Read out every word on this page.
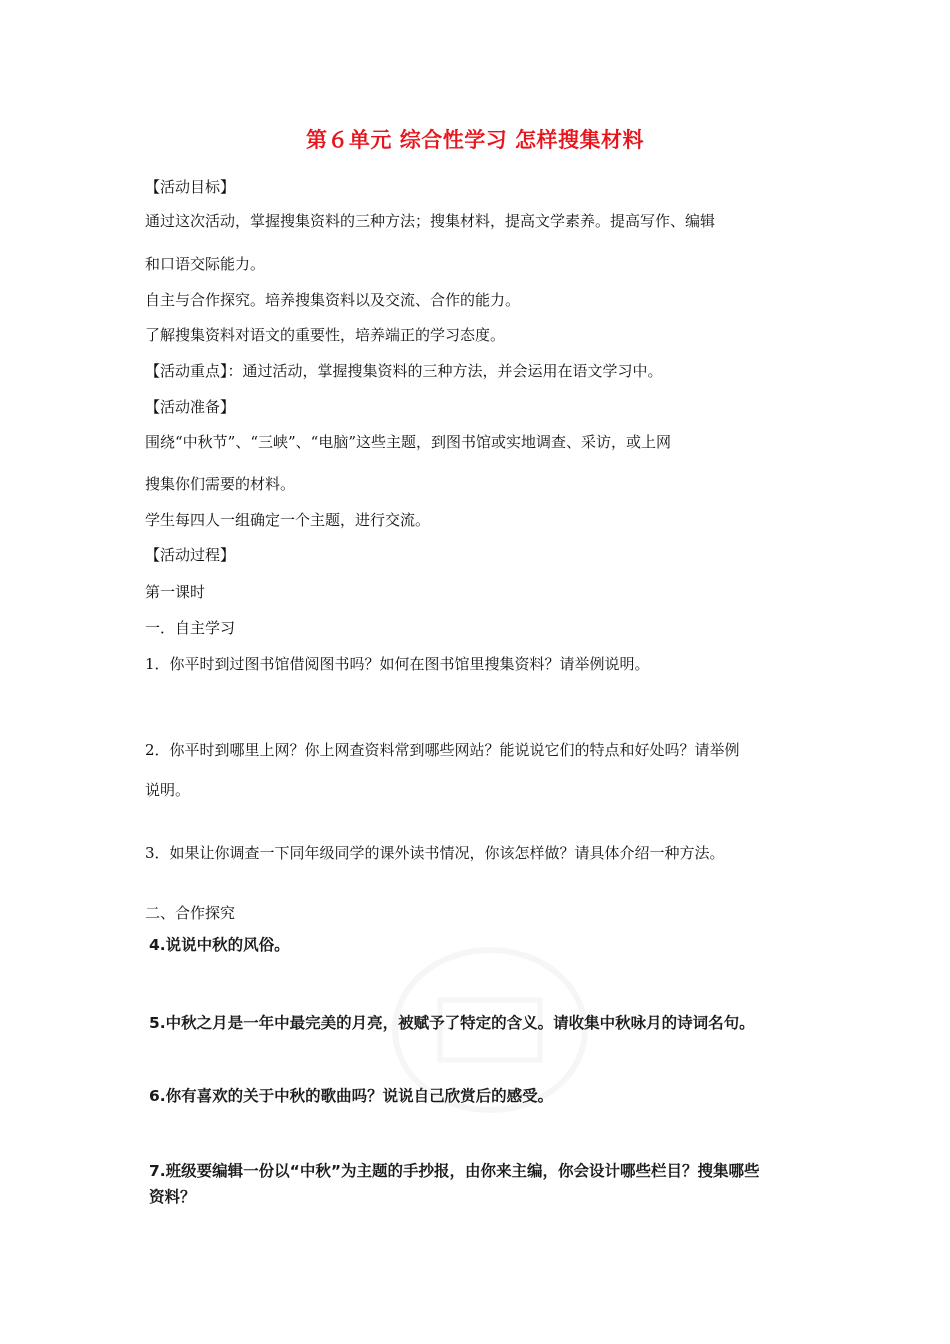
第６单元 综合性学习 怎样搜集材料
【活动目标】
通过这次活动，掌握搜集资料的三种方法；搜集材料，提高文学素养。提高写作、编辑
和口语交际能力。
自主与合作探究。培养搜集资料以及交流、合作的能力。
了解搜集资料对语文的重要性，培养端正的学习态度。
【活动重点】：通过活动，掌握搜集资料的三种方法，并会运用在语文学习中。
【活动准备】
围绕“中秋节”、“三峡”、“电脑”这些主题，到图书馆或实地调查、采访，或上网
搜集你们需要的材料。
学生每四人一组确定一个主题，进行交流。
【活动过程】
第一课时
一．自主学习
1．你平时到过图书馆借阅图书吗？如何在图书馆里搜集资料？请举例说明。
2．你平时到哪里上网？你上网查资料常到哪些网站？能说说它们的特点和好处吗？请举例
说明。
3．如果让你调查一下同年级同学的课外读书情况，你该怎样做？请具体介绍一种方法。
二、合作探究
4.说说中秋的风俗。
5.中秋之月是一年中最完美的月亮，被赋予了特定的含义。请收集中秋咏月的诗词名句。
6.你有喜欢的关于中秋的歌曲吗？说说自己欣赏后的感受。
7.班级要编辑一份以“中秋”为主题的手抄报，由你来主编，你会设计哪些栏目？搜集哪些
资料？
